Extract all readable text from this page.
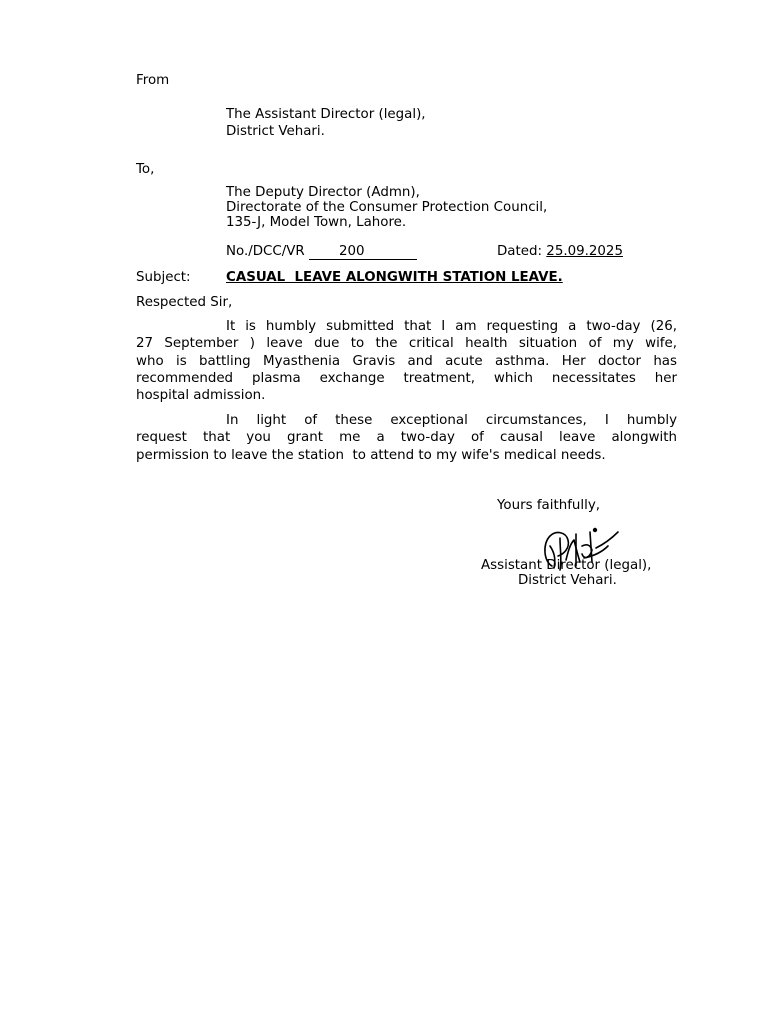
From
The Assistant Director (legal),
District Vehari.
To,
The Deputy Director (Admn),
Directorate of the Consumer Protection Council,
135-J, Model Town, Lahore.
No./DCC/VR	200	Dated: 25.09.2025
Subject:	CASUAL  LEAVE ALONGWITH STATION LEAVE.
Respected Sir,
It is humbly submitted that I am requesting a two-day (26,
27 September ) leave due to the critical health situation of my wife,
who is battling Myasthenia Gravis and acute asthma. Her doctor has
recommended plasma exchange treatment, which necessitates her
hospital admission.
In light of these exceptional circumstances, I humbly
request that you grant me a two-day of causal leave alongwith
permission to leave the station  to attend to my wife's medical needs.
Yours faithfully,
Assistant Director (legal),
District Vehari.
